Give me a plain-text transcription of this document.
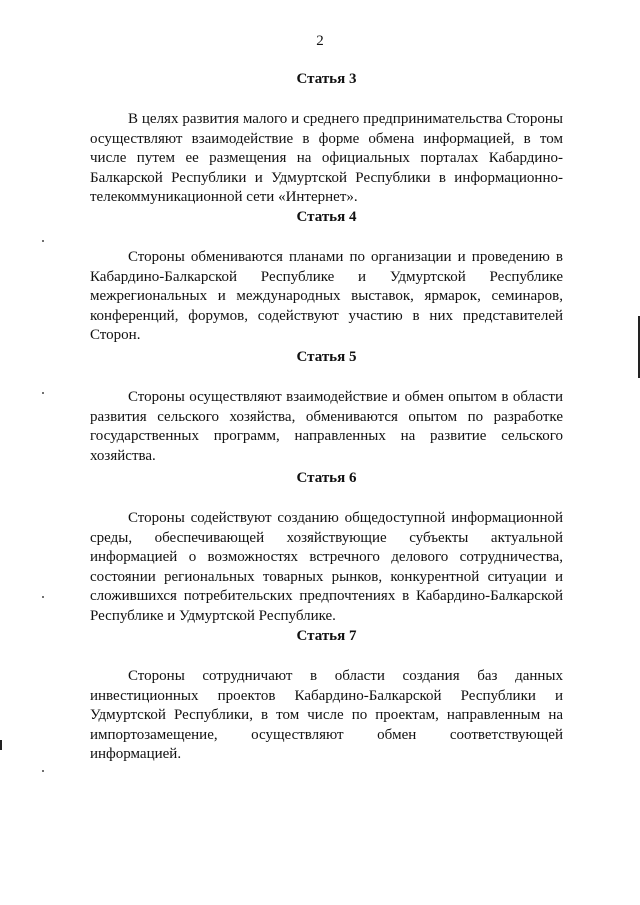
2
Статья 3

В целях развития малого и среднего предпринимательства Стороны осуществляют взаимодействие в форме обмена информацией, в том числе путем ее размещения на официальных порталах Кабардино-Балкарской Республики и Удмуртской Республики в информационно-телекоммуникационной сети «Интернет».

Статья 4

Стороны обмениваются планами по организации и проведению в Кабардино-Балкарской Республике и Удмуртской Республике межрегиональных и международных выставок, ярмарок, семинаров, конференций, форумов, содействуют участию в них представителей Сторон.

Статья 5

Стороны осуществляют взаимодействие и обмен опытом в области развития сельского хозяйства, обмениваются опытом по разработке государственных программ, направленных на развитие сельского хозяйства.

Статья 6

Стороны содействуют созданию общедоступной информационной среды, обеспечивающей хозяйствующие субъекты актуальной информацией о возможностях встречного делового сотрудничества, состоянии региональных товарных рынков, конкурентной ситуации и сложившихся потребительских предпочтениях в Кабардино-Балкарской Республике и Удмуртской Республике.

Статья 7

Стороны сотрудничают в области создания баз данных инвестиционных проектов Кабардино-Балкарской Республики и Удмуртской Республики, в том числе по проектам, направленным на импортозамещение, осуществляют обмен соответствующей информацией.
